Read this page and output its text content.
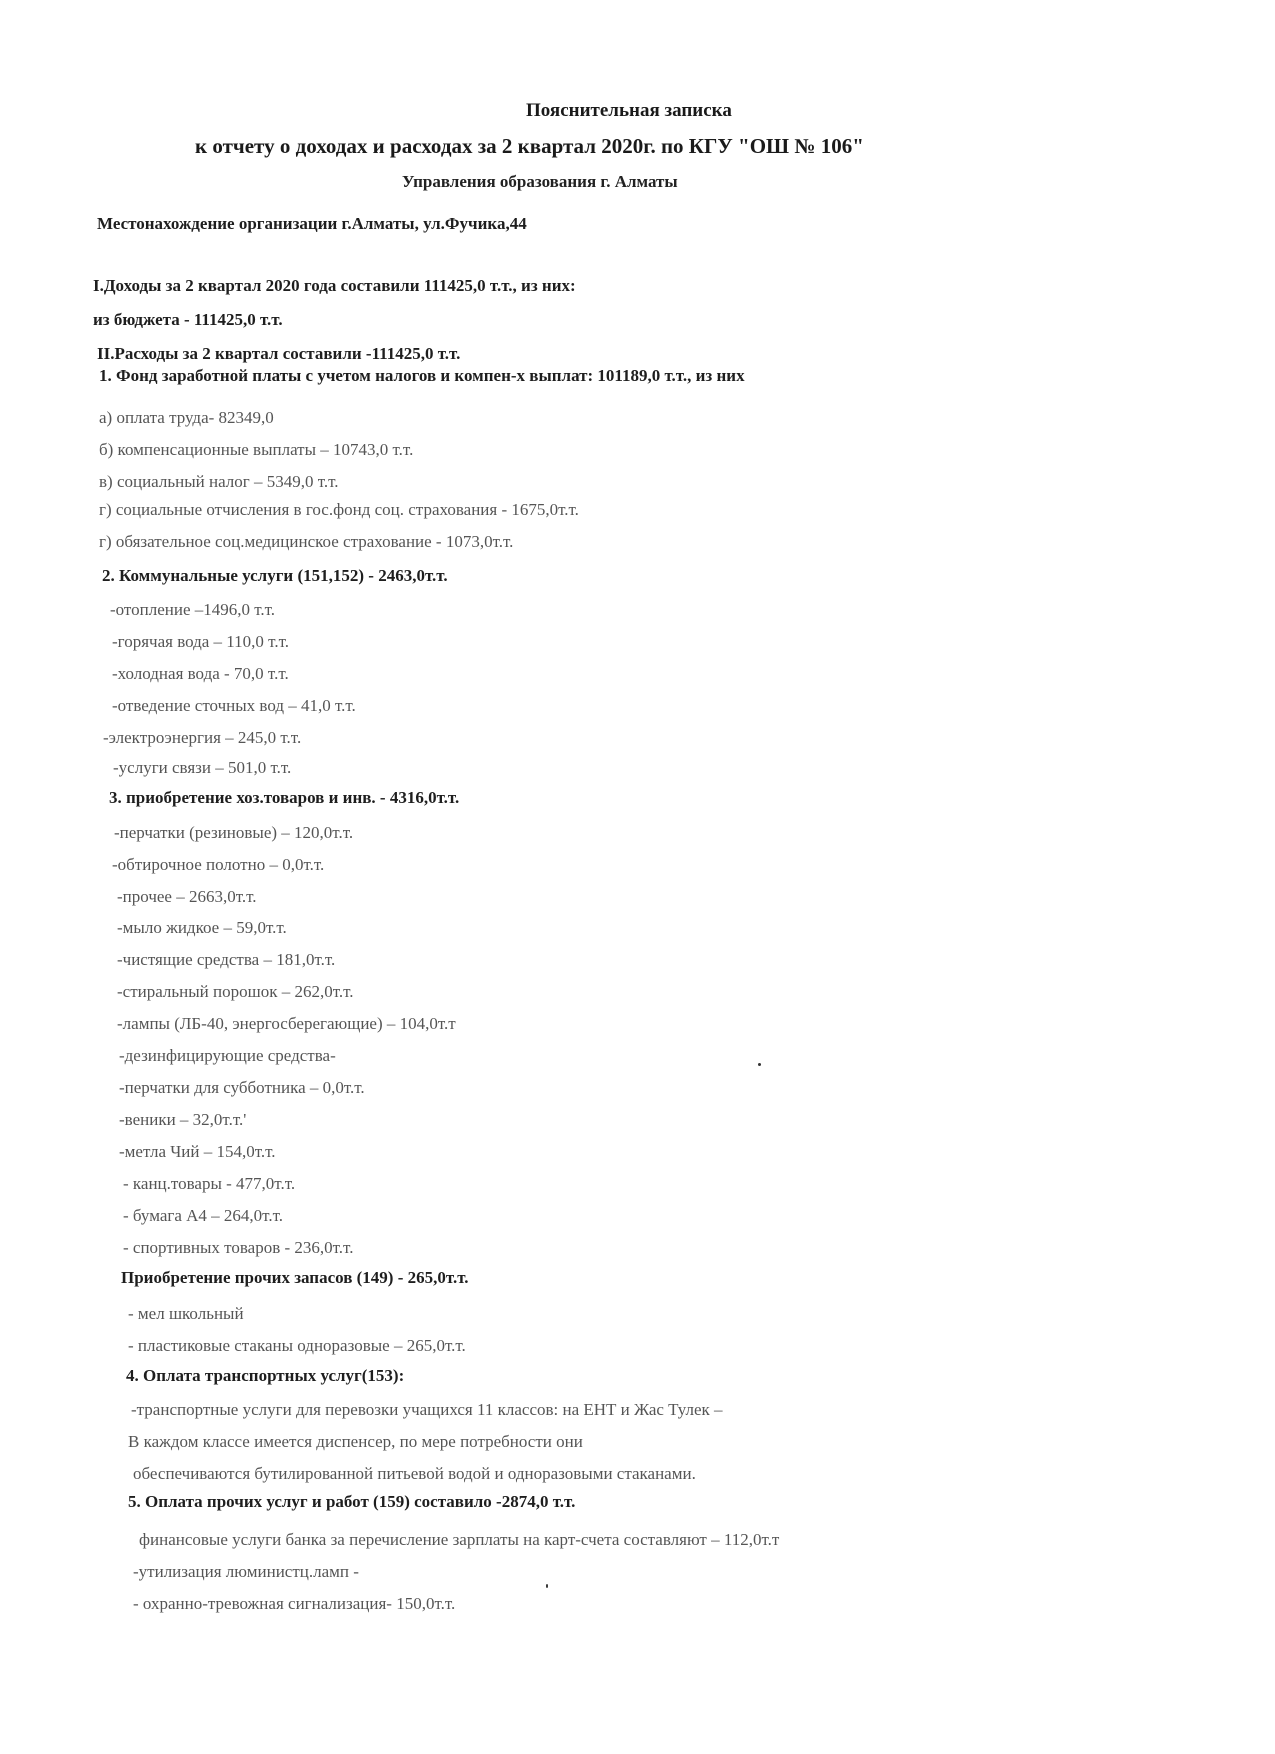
Пояснительная записка
к отчету о доходах и расходах за 2 квартал 2020г. по КГУ "ОШ № 106"
Управления образования г. Алматы
Местонахождение организации г.Алматы, ул.Фучика,44
I.Доходы за 2 квартал 2020 года составили 111425,0 т.т., из них:
из бюджета - 111425,0 т.т.
II.Расходы за 2 квартал составили -111425,0 т.т.
1. Фонд заработной платы с учетом налогов и компен-х выплат: 101189,0 т.т., из них
а) оплата труда- 82349,0
б) компенсационные выплаты – 10743,0 т.т.
в) социальный налог – 5349,0 т.т.
г) социальные отчисления в гос.фонд соц. страхования - 1675,0т.т.
г) обязательное соц.медицинское страхование - 1073,0т.т.
2. Коммунальные услуги (151,152) - 2463,0т.т.
-отопление –1496,0 т.т.
-горячая вода – 110,0 т.т.
-холодная вода - 70,0 т.т.
-отведение сточных вод – 41,0 т.т.
-электроэнергия – 245,0 т.т.
-услуги связи – 501,0 т.т.
3. приобретение хоз.товаров и инв. - 4316,0т.т.
-перчатки (резиновые) – 120,0т.т.
-обтирочное полотно – 0,0т.т.
-прочее – 2663,0т.т.
-мыло жидкое – 59,0т.т.
-чистящие средства – 181,0т.т.
-стиральный порошок – 262,0т.т.
-лампы (ЛБ-40, энергосберегающие) – 104,0т.т
-дезинфицирующие средства-
-перчатки для субботника – 0,0т.т.
-веники – 32,0т.т.'
-метла Чий – 154,0т.т.
- канц.товары - 477,0т.т.
- бумага А4 – 264,0т.т.
- спортивных товаров - 236,0т.т.
Приобретение прочих запасов (149) - 265,0т.т.
- мел школьный
- пластиковые стаканы одноразовые – 265,0т.т.
4. Оплата транспортных услуг(153):
-транспортные услуги для перевозки учащихся 11 классов: на ЕНТ и Жас Тулек –
В каждом классе имеется диспенсер, по мере потребности они
обеспечиваются бутилированной питьевой водой и одноразовыми стаканами.
5. Оплата прочих услуг и работ (159) составило -2874,0 т.т.
финансовые услуги банка за перечисление зарплаты на карт-счета составляют – 112,0т.т
-утилизация люминистц.ламп -
- охранно-тревожная сигнализация- 150,0т.т.
